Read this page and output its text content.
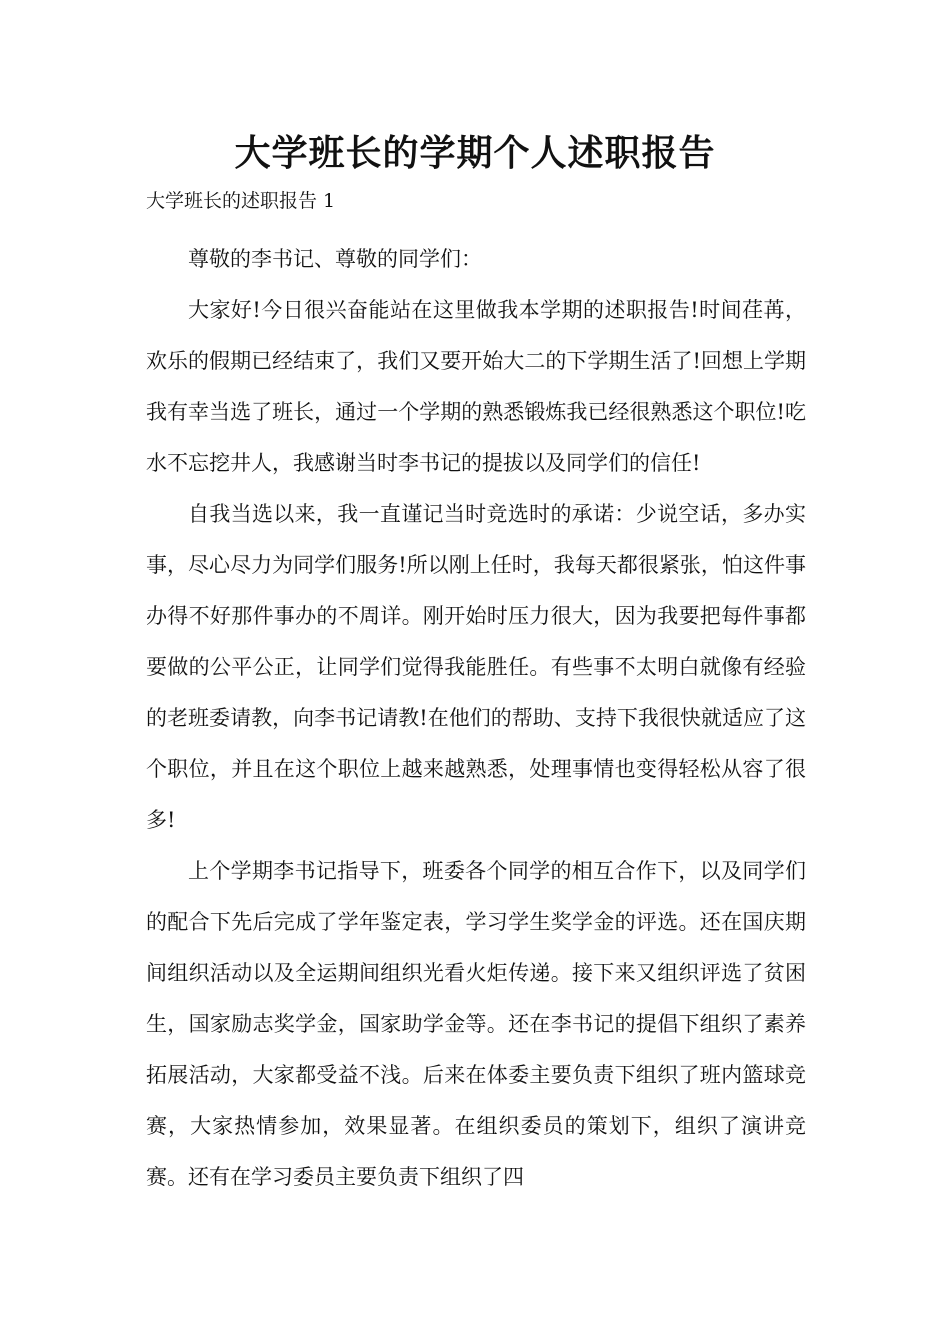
大学班长的学期个人述职报告
大学班长的述职报告 1

尊敬的李书记、尊敬的同学们：

大家好!今日很兴奋能站在这里做我本学期的述职报告!时间荏苒，欢乐的假期已经结束了，我们又要开始大二的下学期生活了!回想上学期我有幸当选了班长，通过一个学期的熟悉锻炼我已经很熟悉这个职位!吃水不忘挖井人，我感谢当时李书记的提拔以及同学们的信任!

自我当选以来，我一直谨记当时竞选时的承诺：少说空话，多办实事，尽心尽力为同学们服务!所以刚上任时，我每天都很紧张，怕这件事办得不好那件事办的不周详。刚开始时压力很大，因为我要把每件事都要做的公平公正，让同学们觉得我能胜任。有些事不太明白就像有经验的老班委请教，向李书记请教!在他们的帮助、支持下我很快就适应了这个职位，并且在这个职位上越来越熟悉，处理事情也变得轻松从容了很多!

上个学期李书记指导下，班委各个同学的相互合作下，以及同学们的配合下先后完成了学年鉴定表，学习学生奖学金的评选。还在国庆期间组织活动以及全运期间组织光看火炬传递。接下来又组织评选了贫困生，国家励志奖学金，国家助学金等。还在李书记的提倡下组织了素养拓展活动，大家都受益不浅。后来在体委主要负责下组织了班内篮球竞赛，大家热情参加，效果显著。在组织委员的策划下，组织了演讲竞赛。还有在学习委员主要负责下组织了四
